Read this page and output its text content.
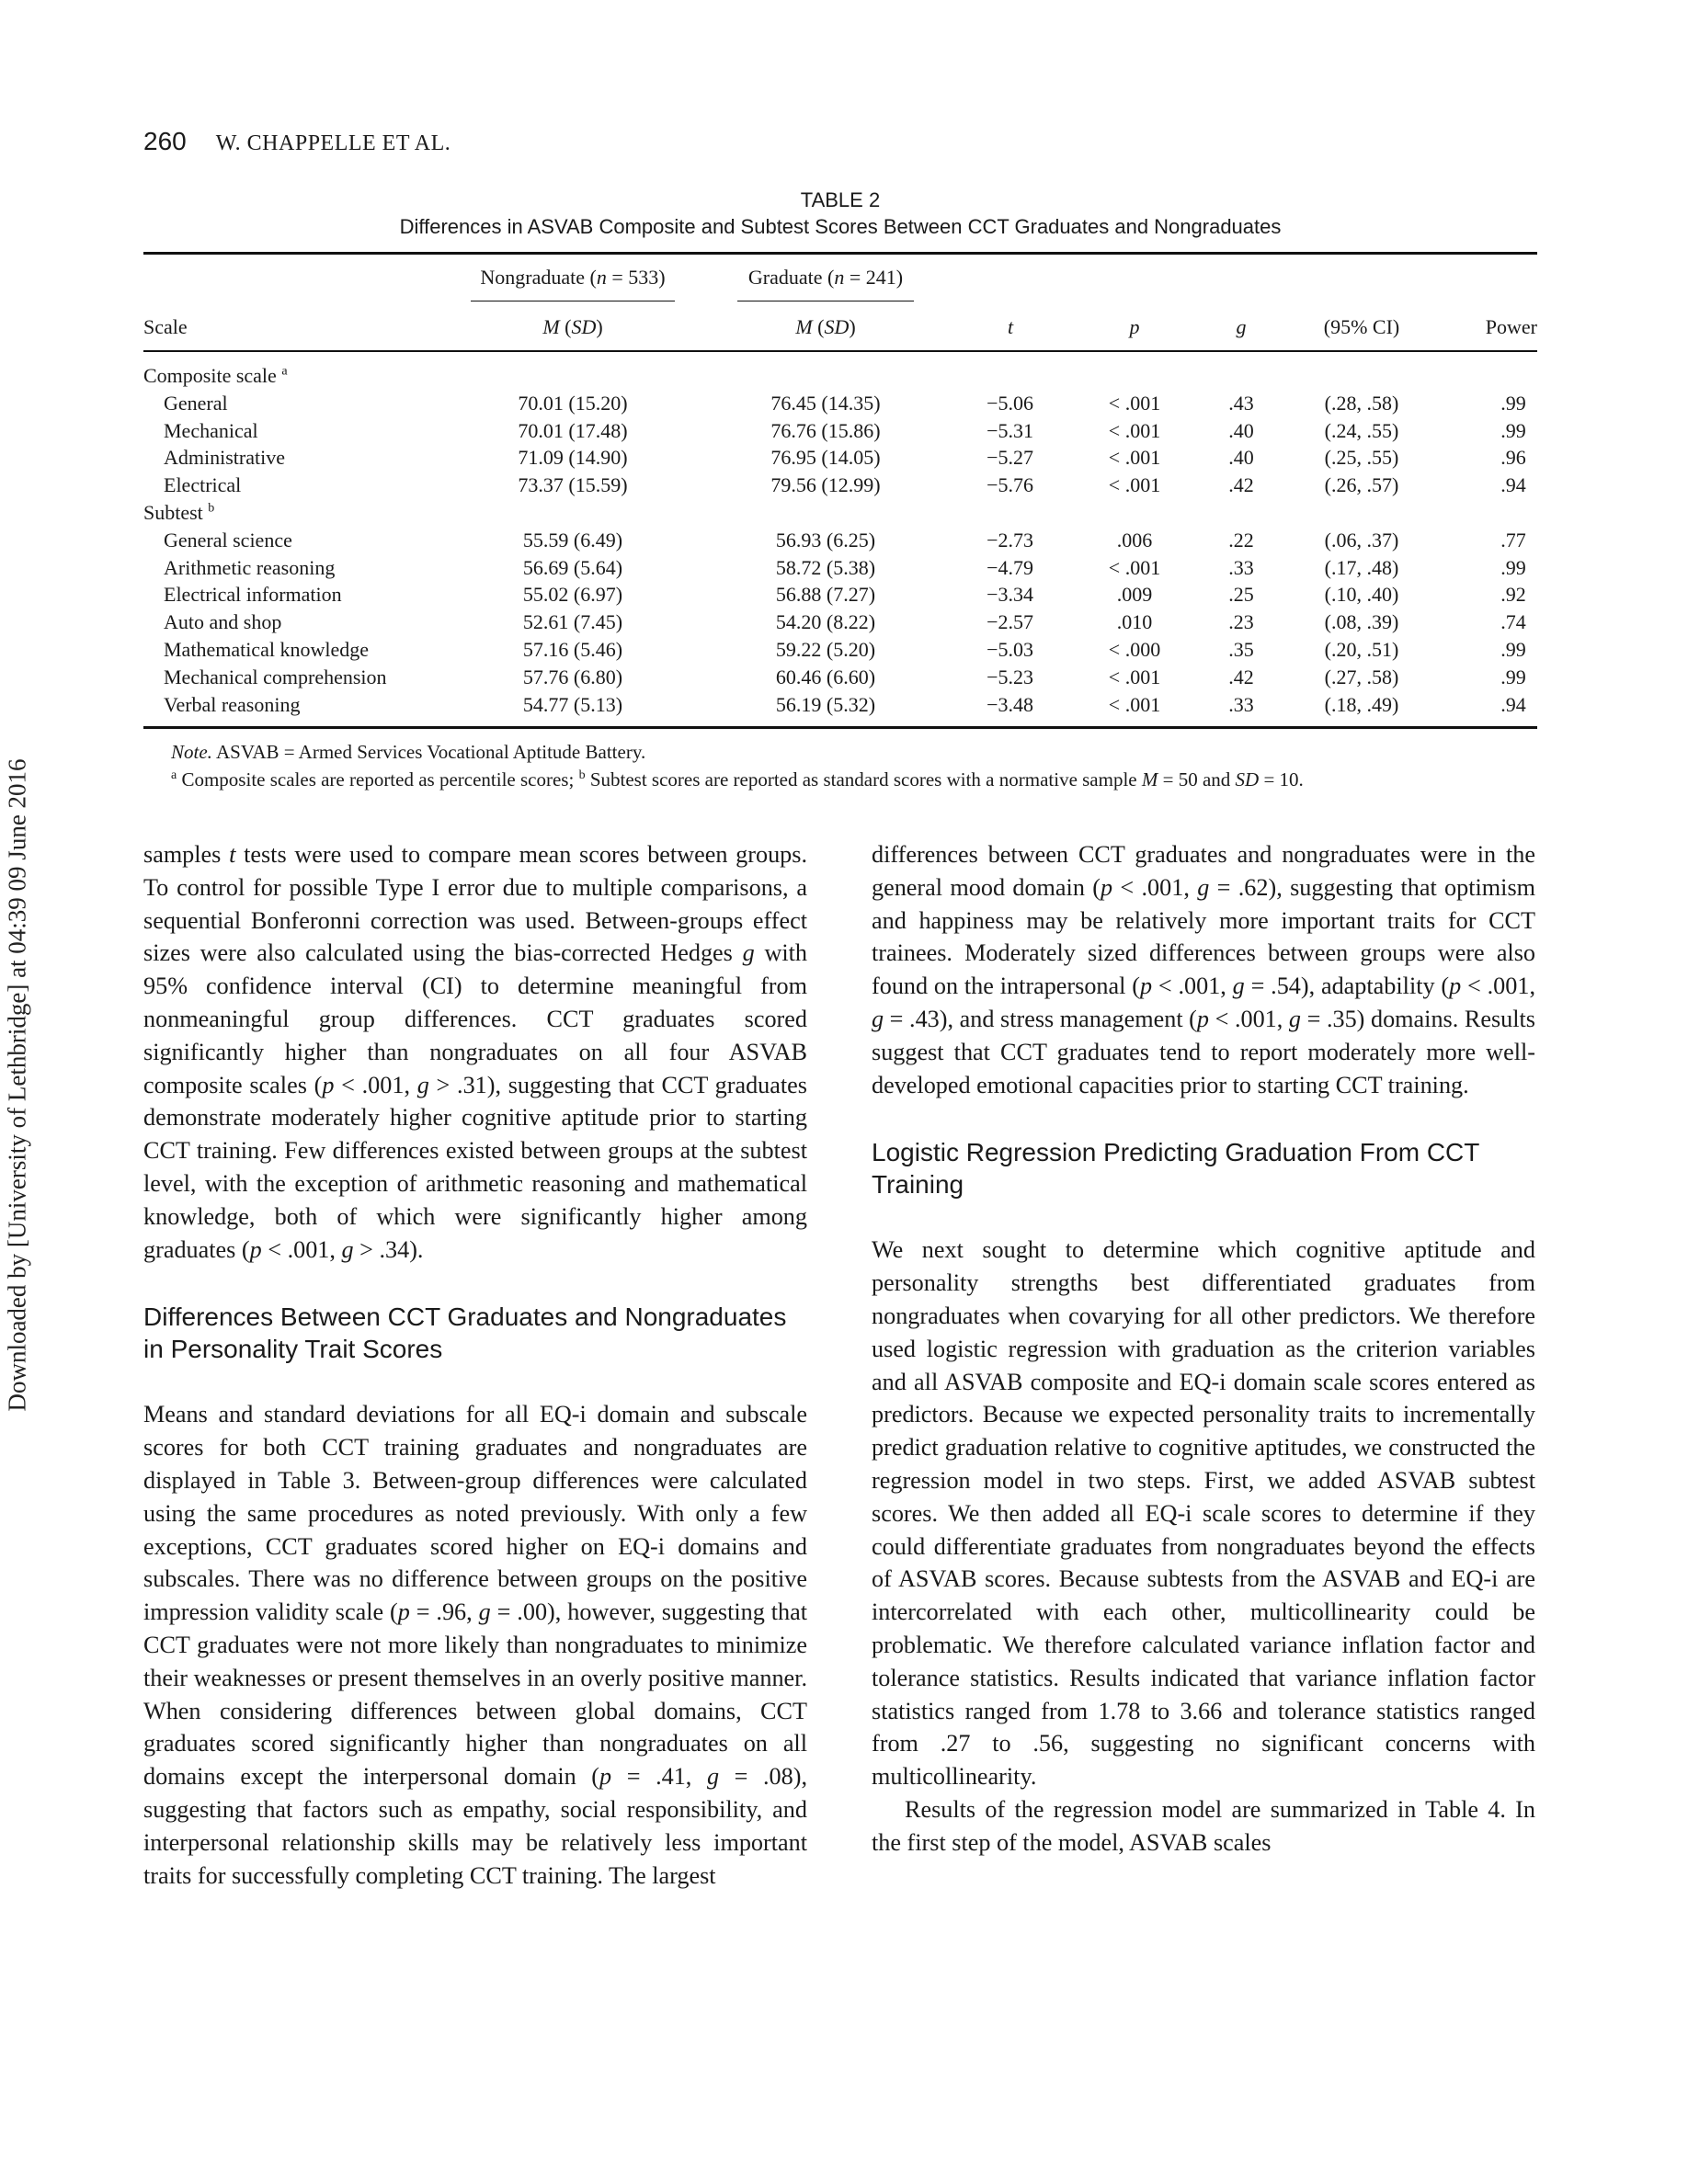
Downloaded by [University of Lethbridge] at 04:39 09 June 2016
260 W. CHAPPELLE ET AL.
TABLE 2
Differences in ASVAB Composite and Subtest Scores Between CCT Graduates and Nongraduates
Nongraduate (n = 533)	Graduate (n = 241)
Scale	M (SD)	M (SD)	t	p	g	(95% CI)	Power
Composite scale $^a$
General	70.01 (15.20)	76.45 (14.35)	−5.06	< .001	.43	(.28, .58)	.99
Mechanical	70.01 (17.48)	76.76 (15.86)	−5.31	< .001	.40	(.24, .55)	.99
Administrative	71.09 (14.90)	76.95 (14.05)	−5.27	< .001	.40	(.25, .55)	.96
Electrical	73.37 (15.59)	79.56 (12.99)	−5.76	< .001	.42	(.26, .57)	.94
Subtest $^b$
General science	55.59 (6.49)	56.93 (6.25)	−2.73	.006	.22	(.06, .37)	.77
Arithmetic reasoning	56.69 (5.64)	58.72 (5.38)	−4.79	< .001	.33	(.17, .48)	.99
Electrical information	55.02 (6.97)	56.88 (7.27)	−3.34	.009	.25	(.10, .40)	.92
Auto and shop	52.61 (7.45)	54.20 (8.22)	−2.57	.010	.23	(.08, .39)	.74
Mathematical knowledge	57.16 (5.46)	59.22 (5.20)	−5.03	< .000	.35	(.20, .51)	.99
Mechanical comprehension	57.76 (6.80)	60.46 (6.60)	−5.23	< .001	.42	(.27, .58)	.99
Verbal reasoning	54.77 (5.13)	56.19 (5.32)	−3.48	< .001	.33	(.18, .49)	.94
Note. ASVAB = Armed Services Vocational Aptitude Battery.
$^a$ Composite scales are reported as percentile scores; $^b$ Subtest scores are reported as standard scores with a normative sample M = 50 and SD = 10.

samples t tests were used to compare mean scores between groups. To control for possible Type I error due to multiple comparisons, a sequential Bonferonni correction was used. Between-groups effect sizes were also calculated using the bias-corrected Hedges g with 95% confidence interval (CI) to determine meaningful from nonmeaningful group differences. CCT graduates scored significantly higher than nongraduates on all four ASVAB composite scales (p < .001, g > .31), suggesting that CCT graduates demonstrate moderately higher cognitive aptitude prior to starting CCT training. Few differences existed between groups at the subtest level, with the exception of arithmetic reasoning and mathematical knowledge, both of which were significantly higher among graduates (p < .001, g > .34).

Differences Between CCT Graduates and Nongraduates in Personality Trait Scores

Means and standard deviations for all EQ-i domain and subscale scores for both CCT training graduates and nongraduates are displayed in Table 3. Between-group differences were calculated using the same procedures as noted previously. With only a few exceptions, CCT graduates scored higher on EQ-i domains and subscales. There was no difference between groups on the positive impression validity scale (p = .96, g = .00), however, suggesting that CCT graduates were not more likely than nongraduates to minimize their weaknesses or present themselves in an overly positive manner. When considering differences between global domains, CCT graduates scored significantly higher than nongraduates on all domains except the interpersonal domain (p = .41, g = .08), suggesting that factors such as empathy, social responsibility, and interpersonal relationship skills may be relatively less important traits for successfully completing CCT training. The largest

differences between CCT graduates and nongraduates were in the general mood domain (p < .001, g = .62), suggesting that optimism and happiness may be relatively more important traits for CCT trainees. Moderately sized differences between groups were also found on the intrapersonal (p < .001, g = .54), adaptability (p < .001, g = .43), and stress management (p < .001, g = .35) domains. Results suggest that CCT graduates tend to report moderately more well-developed emotional capacities prior to starting CCT training.

Logistic Regression Predicting Graduation From CCT Training

We next sought to determine which cognitive aptitude and personality strengths best differentiated graduates from nongraduates when covarying for all other predictors. We therefore used logistic regression with graduation as the criterion variables and all ASVAB composite and EQ-i domain scale scores entered as predictors. Because we expected personality traits to incrementally predict graduation relative to cognitive aptitudes, we constructed the regression model in two steps. First, we added ASVAB subtest scores. We then added all EQ-i scale scores to determine if they could differentiate graduates from nongraduates beyond the effects of ASVAB scores. Because subtests from the ASVAB and EQ-i are intercorrelated with each other, multicollinearity could be problematic. We therefore calculated variance inflation factor and tolerance statistics. Results indicated that variance inflation factor statistics ranged from 1.78 to 3.66 and tolerance statistics ranged from .27 to .56, suggesting no significant concerns with multicollinearity.

Results of the regression model are summarized in Table 4. In the first step of the model, ASVAB scales
